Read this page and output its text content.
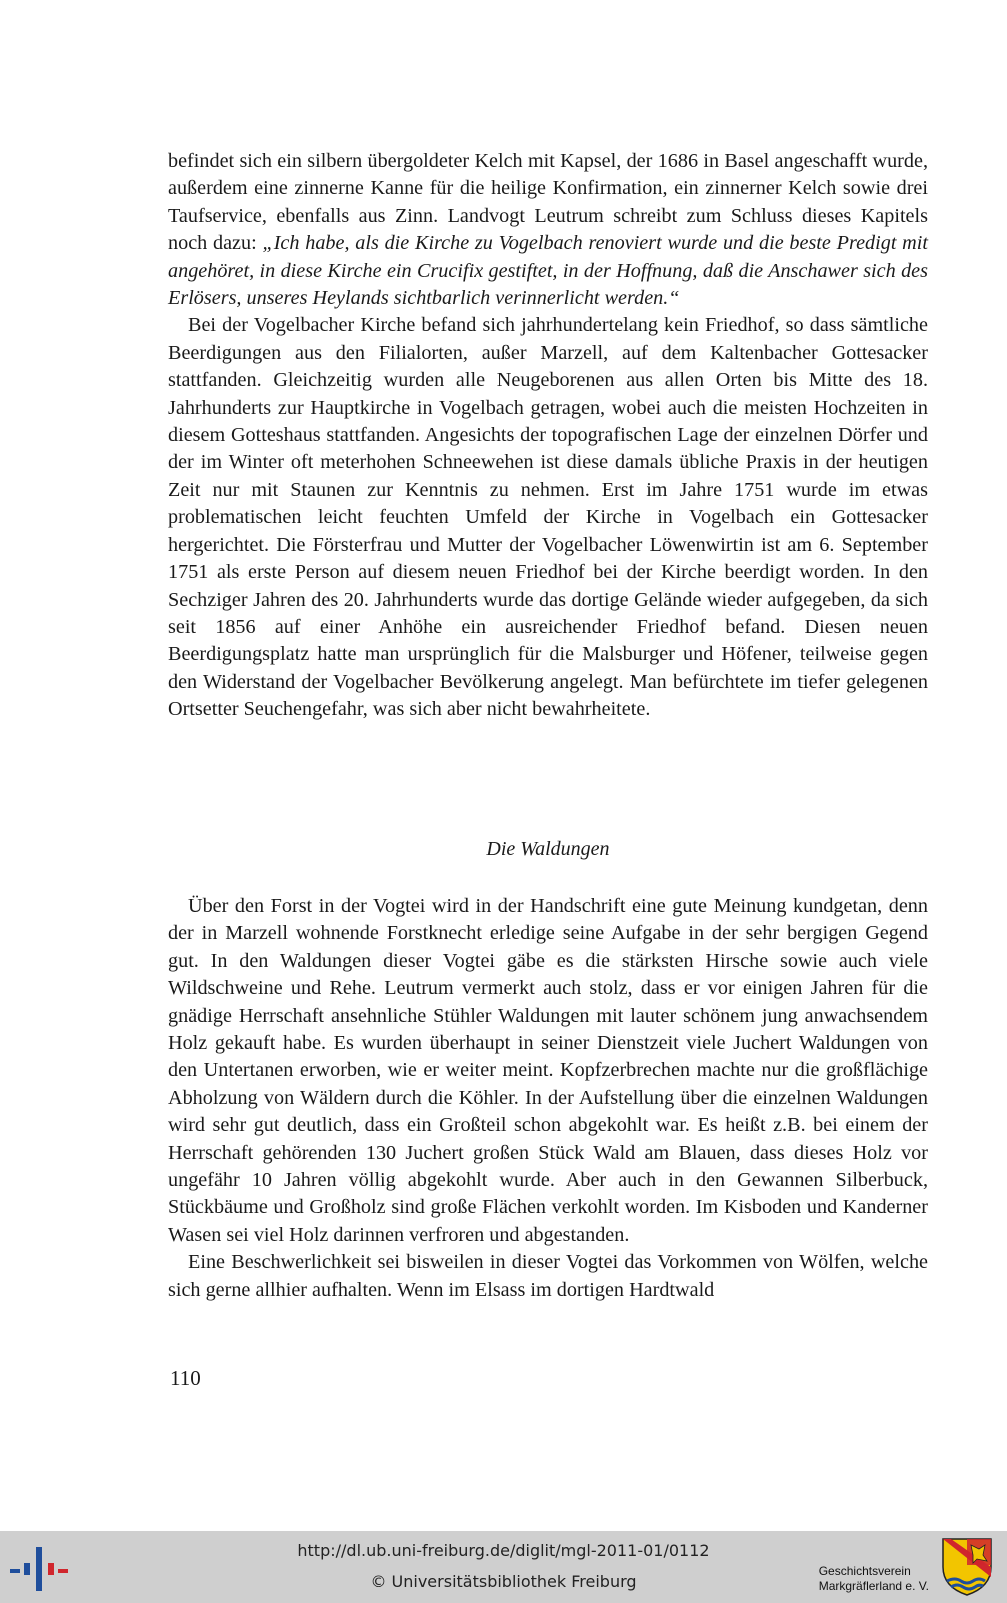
befindet sich ein silbern übergoldeter Kelch mit Kapsel, der 1686 in Basel angeschafft wurde, außerdem eine zinnerne Kanne für die heilige Konfirmation, ein zinnerner Kelch sowie drei Taufservice, ebenfalls aus Zinn. Landvogt Leutrum schreibt zum Schluss dieses Kapitels noch dazu: „Ich habe, als die Kirche zu Vogelbach renoviert wurde und die beste Predigt mit angehöret, in diese Kirche ein Crucifix gestiftet, in der Hoffnung, daß die Anschawer sich des Erlösers, unseres Heylands sichtbarlich verinnerlicht werden.“

Bei der Vogelbacher Kirche befand sich jahrhundertelang kein Friedhof, so dass sämtliche Beerdigungen aus den Filialorten, außer Marzell, auf dem Kaltenbacher Gottesacker stattfanden. Gleichzeitig wurden alle Neugeborenen aus allen Orten bis Mitte des 18. Jahrhunderts zur Hauptkirche in Vogelbach getragen, wobei auch die meisten Hochzeiten in diesem Gotteshaus stattfanden. Angesichts der topografischen Lage der einzelnen Dörfer und der im Winter oft meterhohen Schneewehen ist diese damals übliche Praxis in der heutigen Zeit nur mit Staunen zur Kenntnis zu nehmen. Erst im Jahre 1751 wurde im etwas problematischen leicht feuchten Umfeld der Kirche in Vogelbach ein Gottesacker hergerichtet. Die Försterfrau und Mutter der Vogelbacher Löwenwirtin ist am 6. September 1751 als erste Person auf diesem neuen Friedhof bei der Kirche beerdigt worden. In den Sechziger Jahren des 20. Jahrhunderts wurde das dortige Gelände wieder aufgegeben, da sich seit 1856 auf einer Anhöhe ein ausreichender Friedhof befand. Diesen neuen Beerdigungsplatz hatte man ursprünglich für die Malsburger und Höfener, teilweise gegen den Widerstand der Vogelbacher Bevölkerung angelegt. Man befürchtete im tiefer gelegenen Ortsetter Seuchengefahr, was sich aber nicht bewahrheitete.

Die Waldungen

Über den Forst in der Vogtei wird in der Handschrift eine gute Meinung kundgetan, denn der in Marzell wohnende Forstknecht erledige seine Aufgabe in der sehr bergigen Gegend gut. In den Waldungen dieser Vogtei gäbe es die stärksten Hirsche sowie auch viele Wildschweine und Rehe. Leutrum vermerkt auch stolz, dass er vor einigen Jahren für die gnädige Herrschaft ansehnliche Stühler Waldungen mit lauter schönem jung anwachsendem Holz gekauft habe. Es wurden überhaupt in seiner Dienstzeit viele Juchert Waldungen von den Untertanen erworben, wie er weiter meint. Kopfzerbrechen machte nur die großflächige Abholzung von Wäldern durch die Köhler. In der Aufstellung über die einzelnen Waldungen wird sehr gut deutlich, dass ein Großteil schon abgekohlt war. Es heißt z.B. bei einem der Herrschaft gehörenden 130 Juchert großen Stück Wald am Blauen, dass dieses Holz vor ungefähr 10 Jahren völlig abgekohlt wurde. Aber auch in den Gewannen Silberbuck, Stückbäume und Großholz sind große Flächen verkohlt worden. Im Kisboden und Kanderner Wasen sei viel Holz darinnen verfroren und abgestanden.

Eine Beschwerlichkeit sei bisweilen in dieser Vogtei das Vorkommen von Wölfen, welche sich gerne allhier aufhalten. Wenn im Elsass im dortigen Hardtwald

110
http://dl.ub.uni-freiburg.de/diglit/mgl-2011-01/0112
© Universitätsbibliothek Freiburg
Geschichtsverein
Markgräflerland e. V.
